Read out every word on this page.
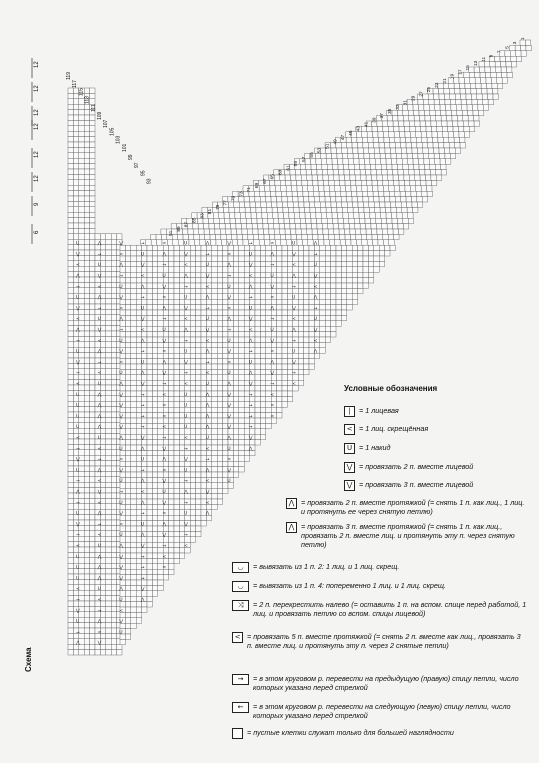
U	⋀	⋁	→	<	U	⋀	⋁	→	<	U	⋀
⋁	→	<	U	⋀	⋁	→	<	U	⋀	⋁	→
<	U	⋀	⋁	→	<	U	⋀	⋁	→	<	U
⋀	⋁	→	<	U	⋀	⋁	→	<	U	⋀	⋁
→	<	U	⋀	⋁	→	<	U	⋀	⋁	→	<
U	⋀	⋁	→	<	U	⋀	⋁	→	<	U	⋀
⋁	→	<	U	⋀	⋁	→	<	U	⋀	⋁	→
<	U	⋀	⋁	→	<	U	⋀	⋁	→	<	U
⋀	⋁	→	<	U	⋀	⋁	→	<	U	⋀	⋁
→	<	U	⋀	⋁	→	<	U	⋀	⋁	→	<
U	⋀	⋁	→	<	U	⋀	⋁	→	<	U	⋀
⋁	→	<	U	⋀	⋁	→	<	U	⋀	⋁
→	<	U	⋀	⋁	→	<	U	⋀	⋁	→
<	U	⋀	⋁	→	<	U	⋀	⋁	→	<
U	⋀	⋁	→	<	U	⋀	⋁	→	<
U	⋀	⋁	→	<	U	⋀	⋁	→	<
U	⋀	⋁	→	<	U	⋀	⋁	→	<
U	⋀	⋁	→	<	U	⋀	⋁	→
<	U	⋀	⋁	→	<	U	⋀	⋁
→	<	U	⋀	⋁	→	<	U	⋀
⋁	→	<	U	⋀	⋁	→	<
U	⋀	⋁	→	<	U	⋀	⋁
→	<	U	⋀	⋁	→	<	U
⋀	⋁	→	<	U	⋀	⋁
→	<	U	⋀	⋁	→	<
U	⋀	⋁	→	<	U	⋀
⋁	→	<	U	⋀	⋁
→	<	U	⋀	⋁	→
<	U	⋀	⋁	→	<
U	⋀	⋁	→	<
U	⋀	⋁	→	<
U	⋀	⋁	→
<	U	⋀	⋁
→	<	U	⋀
⋁	→	<
U	⋀	⋁
→	<	U
⋀	⋁
12
12
12
12
12
12
9
6
119
117
115
113
111
109
107
105
103
101
99
97
95
93
91
89
87
85
83
81
79
77
75
73
71
69
67
65
63
61
59
57
55
53
51
49
47
45
43
41
39
37
35
33
31
29
27
25
23
21
19
17
15
13
11
9
7
5
3
1
Схема
Условные обозначения
|	= 1 лицевая
< = 1 лиц. скрещённая
U = 1 накид
⋁ = провязать 2 п. вместе лицевой
⋁ = провязать 3 п. вместе лицевой
⋀ = провязать 2 п. вместе протяжкой (= снять 1 п. как лиц., 1 лиц. и протянуть ее через снятую петлю)
⋀ = провязать 3 п. вместе протяжкой (= снять 1 п. как лиц., провязать 2 п. вместе лиц. и протянуть эту п. через снятую петлю)
◡	= вывязать из 1 п. 2: 1 лиц. и 1 лиц. скрещ.
◡	= вывязать из 1 п. 4: попеременно 1 лиц. и 1 лиц. скрещ.
⤨	= 2 п. перекрестить налево (= оставить 1 п. на вспом. спице перед работой, 1 лиц. и провязать петлю со вспом. спицы лицевой)
< = провязать 5 п. вместе протяжкой (= снять 2 п. вместе как лиц., провязать 3 п. вместе лиц. и протянуть эту п. через 2 снятые петли)
→	= в этом круговом р. перевести на предыдущую (правую) спицу петли, число которых указано перед стрелкой
←	= в этом круговом р. перевести на следующую (левую) спицу петли, число которых указано перед стрелкой
= пустые клетки служат только для большей наглядности
